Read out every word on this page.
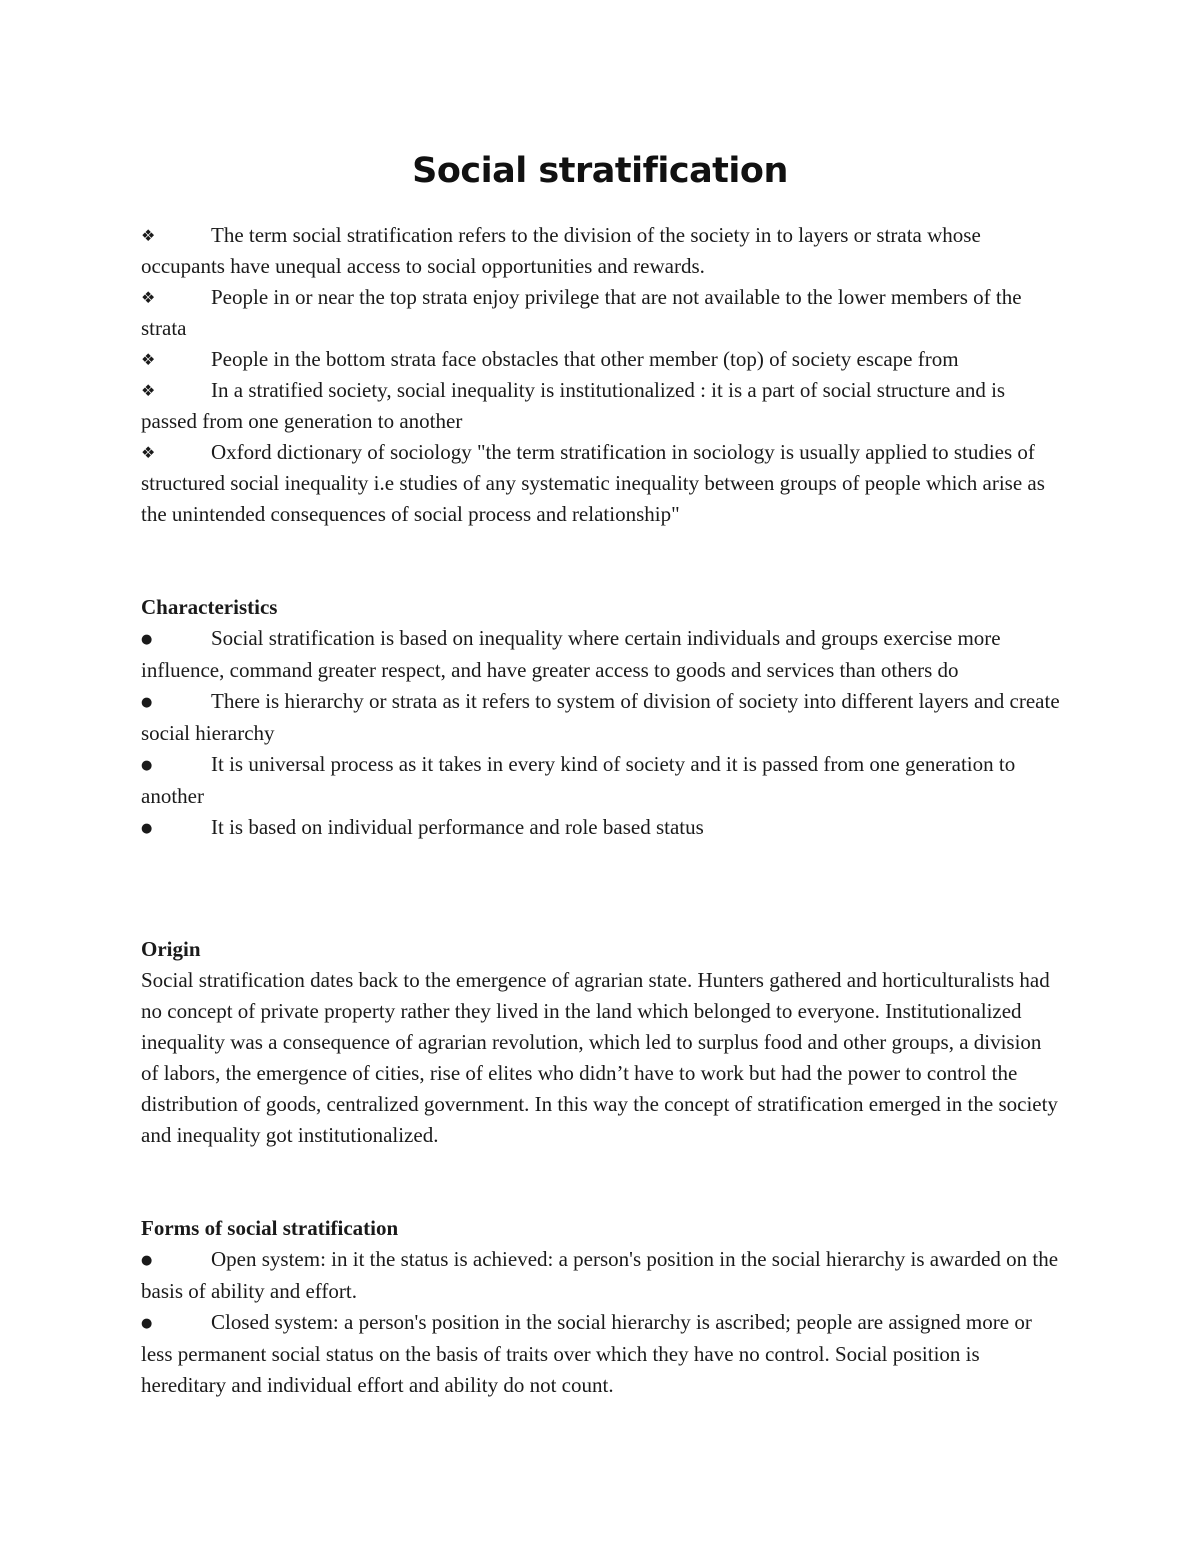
Social stratification
❖	The term social stratification refers to the division of the society in to layers or strata whose occupants have unequal access to social opportunities and rewards.
❖	People in or near the top strata enjoy privilege that are not available to the lower members of the strata
❖	People in the bottom strata face obstacles that other member (top) of society escape from
❖	In a stratified society, social inequality is institutionalized : it is a part of social structure and is passed from one generation to another
❖	Oxford dictionary of sociology "the term stratification in sociology is usually applied to studies of structured social inequality i.e studies of any systematic inequality between groups of people which arise as the unintended consequences of social process and relationship"
Characteristics
●	Social stratification is based on inequality where certain individuals and groups exercise more influence, command greater respect, and have greater access to goods and services than others do
●	There is hierarchy or strata as it refers to system of division of society into different layers and create social hierarchy
●	It is universal process as it takes in every kind of society and it is passed from one generation to another
●	It is based on individual performance and role based status
Origin

Social stratification dates back to the emergence of agrarian state. Hunters gathered and horticulturalists had no concept of private property rather they lived in the land which belonged to everyone. Institutionalized inequality was a consequence of agrarian revolution, which led to surplus food and other groups, a division of labors, the emergence of cities, rise of elites who didn’t have to work but had the power to control the distribution of goods, centralized government. In this way the concept of stratification emerged in the society and inequality got institutionalized.

Forms of social stratification
●	Open system: in it the status is achieved: a person's position in the social hierarchy is awarded on the basis of ability and effort.
●	Closed system: a person's position in the social hierarchy is ascribed; people are assigned more or less permanent social status on the basis of traits over which they have no control. Social position is hereditary and individual effort and ability do not count.
